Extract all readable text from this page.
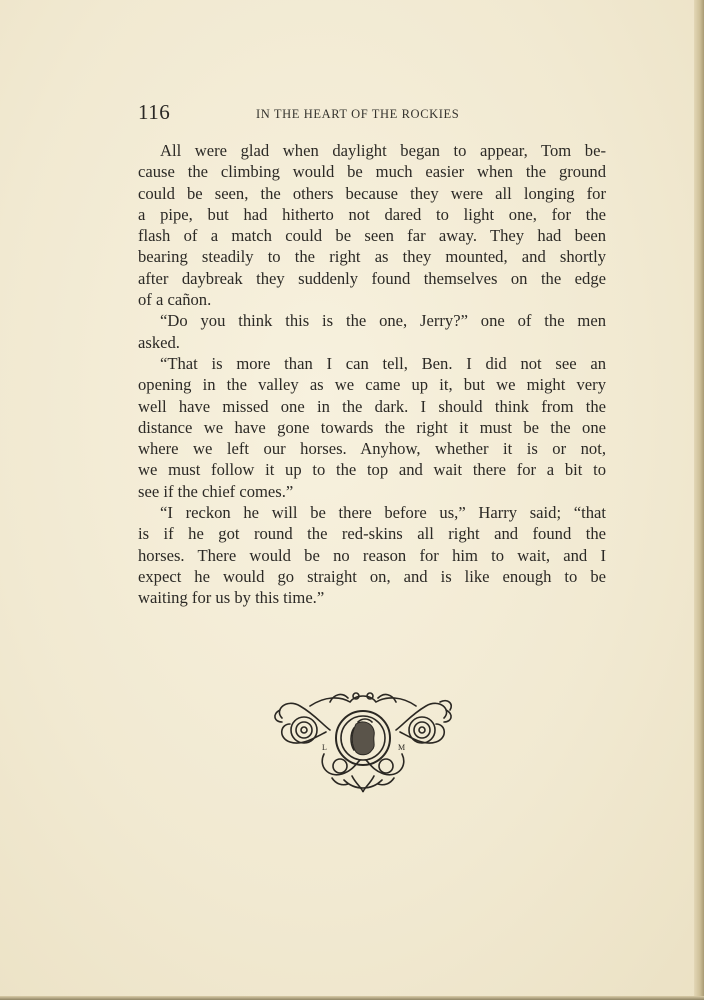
116	IN THE HEART OF THE ROCKIES
All were glad when daylight began to appear, Tom be-
cause the climbing would be much easier when the ground
could be seen, the others because they were all longing for
a pipe, but had hitherto not dared to light one, for the
flash of a match could be seen far away. They had been
bearing steadily to the right as they mounted, and shortly
after daybreak they suddenly found themselves on the edge
of a cañon.
“Do you think this is the one, Jerry?” one of the men
asked.
“That is more than I can tell, Ben. I did not see an
opening in the valley as we came up it, but we might very
well have missed one in the dark. I should think from the
distance we have gone towards the right it must be the one
where we left our horses. Anyhow, whether it is or not,
we must follow it up to the top and wait there for a bit to
see if the chief comes.”
“I reckon he will be there before us,” Harry said; “that
is if he got round the red-skins all right and found the
horses. There would be no reason for him to wait, and I
expect he would go straight on, and is like enough to be
waiting for us by this time.”
L	M
